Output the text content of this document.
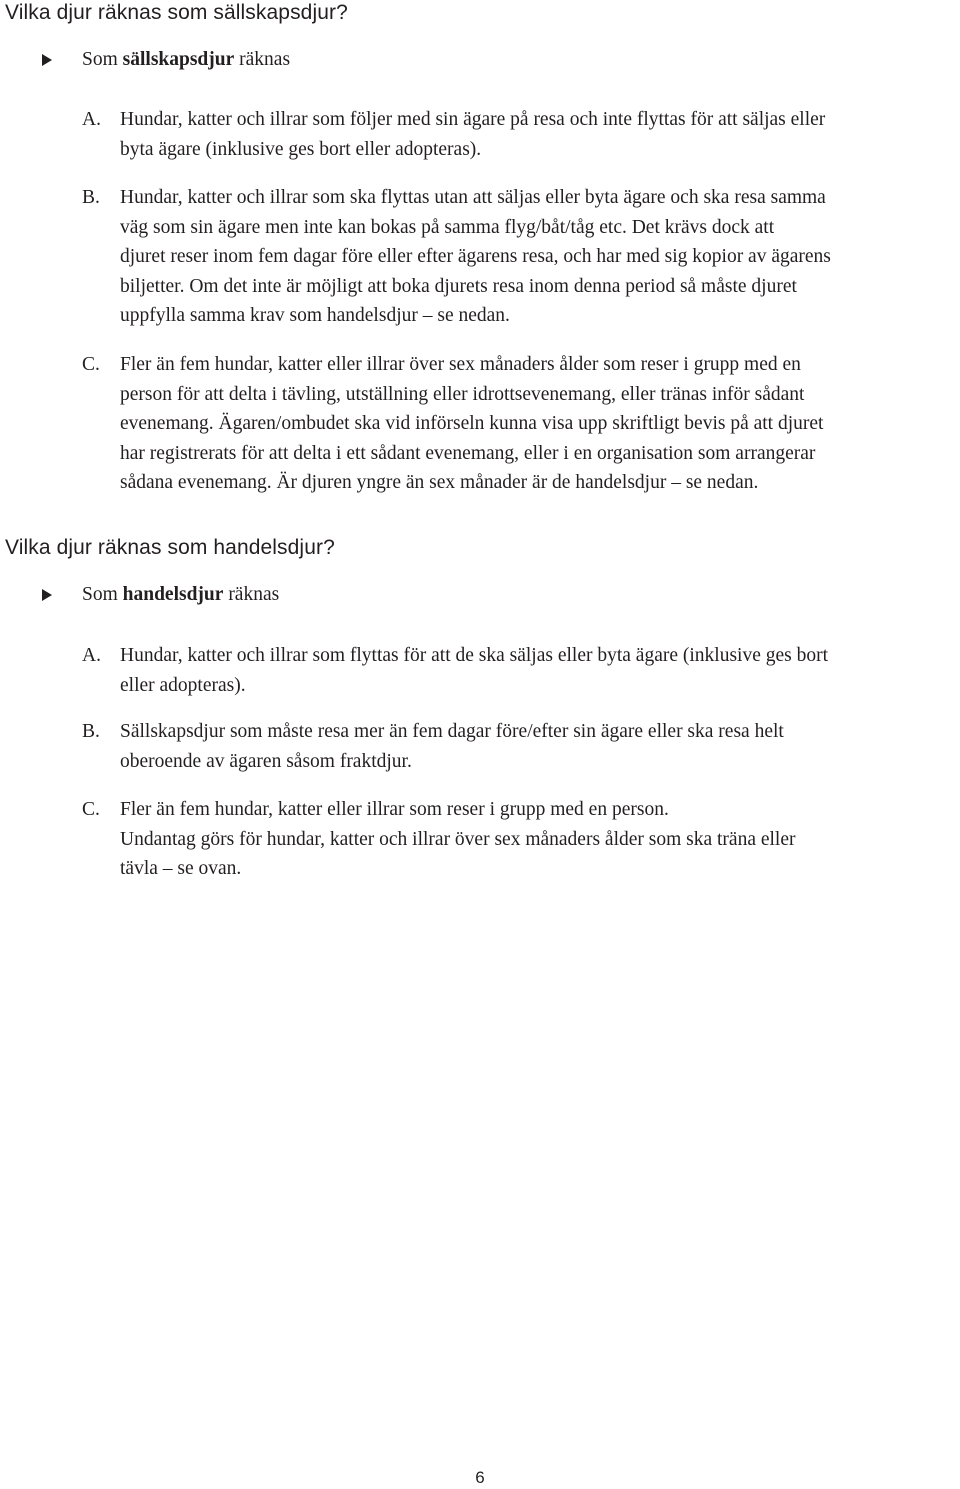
Vilka djur räknas som sällskapsdjur?
Som sällskapsdjur räknas
A. Hundar, katter och illrar som följer med sin ägare på resa och inte flyttas för att säljas eller
byta ägare (inklusive ges bort eller adopteras).
B.	Hundar, katter och illrar som ska flyttas utan att säljas eller byta ägare och ska resa samma
väg som sin ägare men inte kan bokas på samma flyg/båt/tåg etc. Det krävs dock att
djuret reser inom fem dagar före eller efter ägarens resa, och har med sig kopior av ägarens
biljetter. Om det inte är möjligt att boka djurets resa inom denna period så måste djuret
uppfylla samma krav som handelsdjur – se nedan.
C.	Fler än fem hundar, katter eller illrar över sex månaders ålder som reser i grupp med en
person för att delta i tävling, utställning eller idrottsevenemang, eller tränas inför sådant
evenemang. Ägaren/ombudet ska vid införseln kunna visa upp skriftligt bevis på att djuret
har registrerats för att delta i ett sådant evenemang, eller i en organisation som arrangerar
sådana evenemang. Är djuren yngre än sex månader är de handelsdjur – se nedan.
Vilka djur räknas som handelsdjur?
Som handelsdjur räknas
A. Hundar, katter och illrar som flyttas för att de ska säljas eller byta ägare (inklusive ges bort
eller adopteras).
B.	Sällskapsdjur som måste resa mer än fem dagar före/efter sin ägare eller ska resa helt
oberoende av ägaren såsom fraktdjur.
C.	Fler än fem hundar, katter eller illrar som reser i grupp med en person.
Undantag görs för hundar, katter och illrar över sex månaders ålder som ska träna eller
tävla – se ovan.
6
